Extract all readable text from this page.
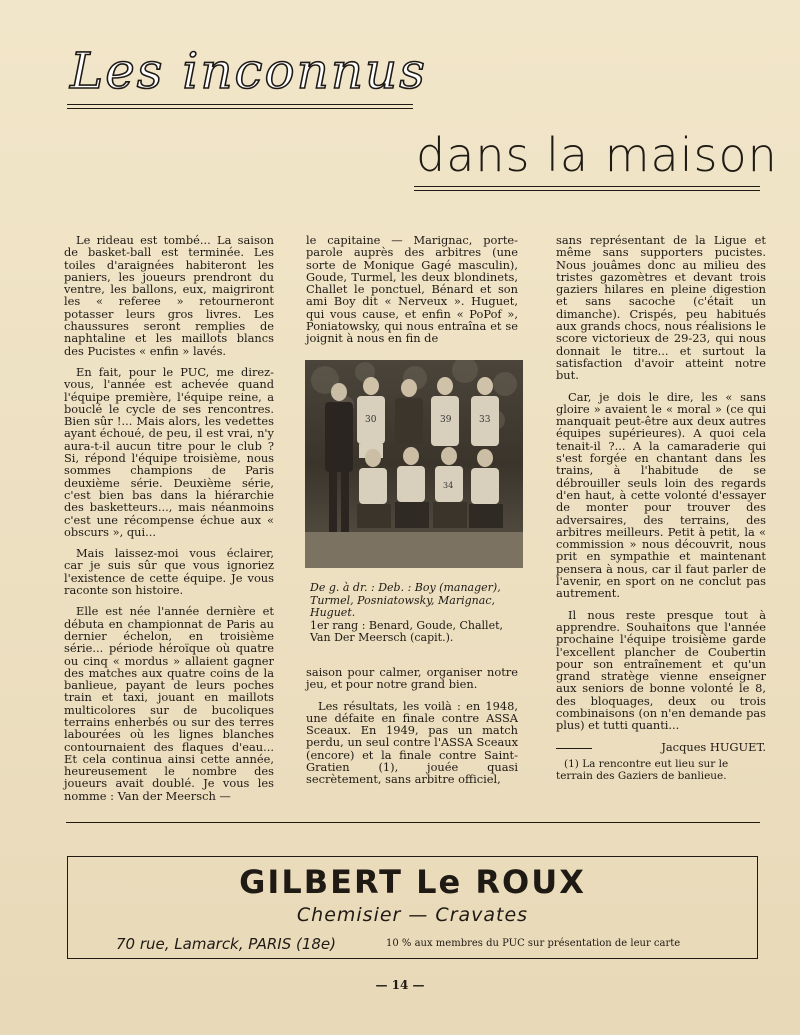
Les inconnus
dans la maison

Le rideau est tombé... La saison de basket-ball est terminée. Les toiles d'araignées habiteront les paniers, les joueurs prendront du ventre, les ballons, eux, maigriront les « referee » retourneront potasser leurs gros livres. Les chaussures seront remplies de naphtaline et les maillots blancs des Pucistes « enfin » lavés.

En fait, pour le PUC, me direz-vous, l'année est achevée quand l'équipe première, l'équipe reine, a bouclé le cycle de ses rencontres. Bien sûr !... Mais alors, les vedettes ayant échoué, de peu, il est vrai, n'y aura-t-il aucun titre pour le club ? Si, répond l'équipe troisième, nous sommes champions de Paris deuxième série. Deuxième série, c'est bien bas dans la hiérarchie des basketteurs..., mais néanmoins c'est une récompense échue aux « obscurs », qui...

Mais laissez-moi vous éclairer, car je suis sûr que vous ignoriez l'existence de cette équipe. Je vous raconte son histoire.

Elle est née l'année dernière et débuta en championnat de Paris au dernier échelon, en troisième série... période héroïque où quatre ou cinq « mordus » allaient gagner des matches aux quatre coins de la banlieue, payant de leurs poches train et taxi, jouant en maillots multicolores sur de bucoliques terrains enherbés ou sur des terres labourées où les lignes blanches contournaient des flaques d'eau... Et cela continua ainsi cette année, heureusement le nombre des joueurs avait doublé. Je vous les nomme : Van der Meersch —

le capitaine — Marignac, porte-parole auprès des arbitres (une sorte de Monique Gagé masculin), Goude, Turmel, les deux blondinets, Challet le ponctuel, Bénard et son ami Boy dit « Nerveux ». Huguet, qui vous cause, et enfin « PoPof », Poniatowsky, qui nous entraîna et se joignit à nous en fin de

30	39	33
34
De g. à dr. : Deb. : Boy (manager), Turmel, Posniatowsky, Marignac, Huguet.
1er rang : Benard, Goude, Challet, Van Der Meersch (capit.).

saison pour calmer, organiser notre jeu, et pour notre grand bien.

Les résultats, les voilà : en 1948, une défaite en finale contre ASSA Sceaux. En 1949, pas un match perdu, un seul contre l'ASSA Sceaux (encore) et la finale contre Saint-Gratien (1), jouée quasi secrètement, sans arbitre officiel,

sans représentant de la Ligue et même sans supporters pucistes. Nous jouâmes donc au milieu des tristes gazomètres et devant trois gaziers hilares en pleine digestion et sans sacoche (c'était un dimanche). Crispés, peu habitués aux grands chocs, nous réalisions le score victorieux de 29-23, qui nous donnait le titre... et surtout la satisfaction d'avoir atteint notre but.

Car, je dois le dire, les « sans gloire » avaient le « moral » (ce qui manquait peut-être aux deux autres équipes supérieures). A quoi cela tenait-il ?... A la camaraderie qui s'est forgée en chantant dans les trains, à l'habitude de se débrouiller seuls loin des regards d'en haut, à cette volonté d'essayer de monter pour trouver des adversaires, des terrains, des arbitres meilleurs. Petit à petit, la « commission » nous découvrit, nous prit en sympathie et maintenant pensera à nous, car il faut parler de l'avenir, en sport on ne conclut pas autrement.

Il nous reste presque tout à apprendre. Souhaitons que l'année prochaine l'équipe troisième garde l'excellent plancher de Coubertin pour son entraînement et qu'un grand stratège vienne enseigner aux seniors de bonne volonté le 8, des bloquages, deux ou trois combinaisons (on n'en demande pas plus) et tutti quanti...

Jacques HUGUET.
(1) La rencontre eut lieu sur le terrain des Gaziers de banlieue.
GILBERT Le ROUX
Chemisier — Cravates
70 rue, Lamarck, PARIS (18e)	10 % aux membres du PUC sur présentation de leur carte
— 14 —
